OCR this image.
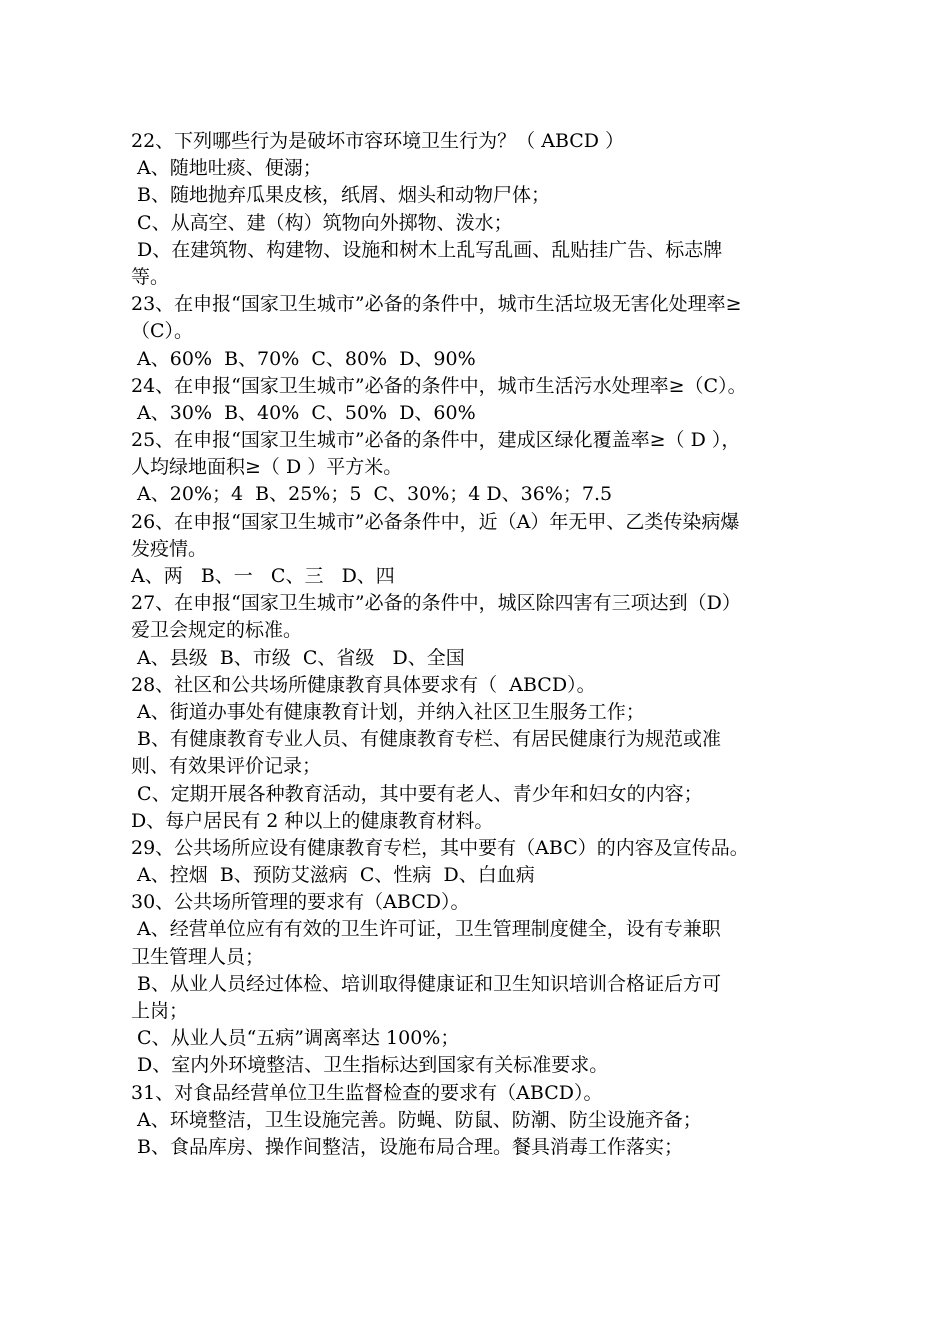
22、下列哪些行为是破坏市容环境卫生行为？（ ABCD ）
A、随地吐痰、便溺；
B、随地抛弃瓜果皮核，纸屑、烟头和动物尸体；
C、从高空、建（构）筑物向外掷物、泼水；
D、在建筑物、构建物、设施和树木上乱写乱画、乱贴挂广告、标志牌
等。
23、在申报“国家卫生城市”必备的条件中，城市生活垃圾无害化处理率≥
（C）。
A、60%  B、70%  C、80%  D、90%
24、在申报“国家卫生城市”必备的条件中，城市生活污水处理率≥（C）。
A、30%  B、40%  C、50%  D、60%
25、在申报“国家卫生城市”必备的条件中，建成区绿化覆盖率≥（ D ），
人均绿地面积≥（ D ）平方米。
A、20%；4  B、25%；5  C、30%；4 D、36%；7.5
26、在申报“国家卫生城市”必备条件中，近（A）年无甲、乙类传染病爆
发疫情。
A、两   B、一   C、三   D、四
27、在申报“国家卫生城市”必备的条件中，城区除四害有三项达到（D）
爱卫会规定的标准。
A、县级  B、市级  C、省级   D、全国
28、社区和公共场所健康教育具体要求有（  ABCD）。
A、街道办事处有健康教育计划，并纳入社区卫生服务工作；
B、有健康教育专业人员、有健康教育专栏、有居民健康行为规范或准
则、有效果评价记录；
C、定期开展各种教育活动，其中要有老人、青少年和妇女的内容；
D、每户居民有 2 种以上的健康教育材料。
29、公共场所应设有健康教育专栏，其中要有（ABC）的内容及宣传品。
A、控烟  B、预防艾滋病  C、性病  D、白血病
30、公共场所管理的要求有（ABCD）。
A、经营单位应有有效的卫生许可证，卫生管理制度健全，设有专兼职
卫生管理人员；
B、从业人员经过体检、培训取得健康证和卫生知识培训合格证后方可
上岗；
C、从业人员“五病”调离率达 100%；
D、室内外环境整洁、卫生指标达到国家有关标准要求。
31、对食品经营单位卫生监督检查的要求有（ABCD）。
A、环境整洁，卫生设施完善。防蝇、防鼠、防潮、防尘设施齐备；
B、食品库房、操作间整洁，设施布局合理。餐具消毒工作落实；
